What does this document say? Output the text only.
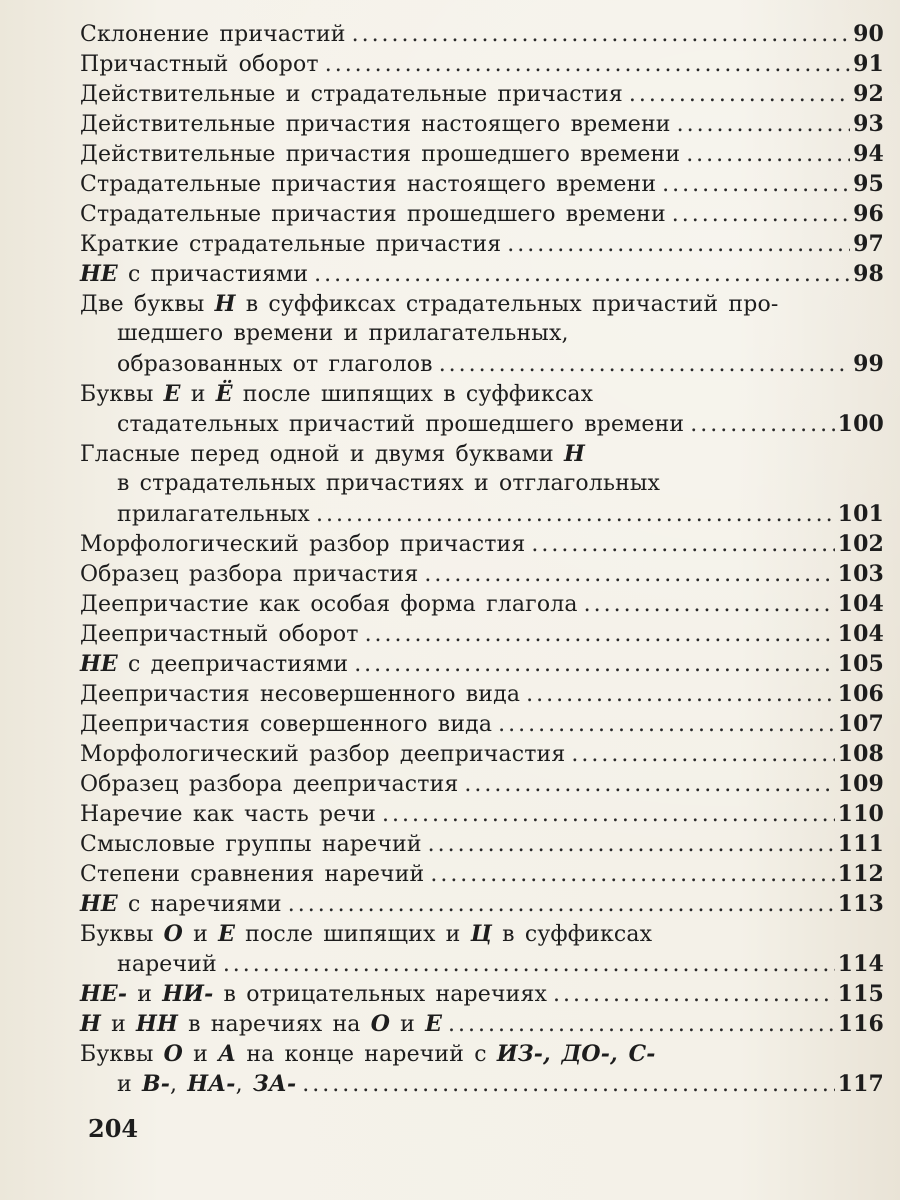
Склонение причастий .....	90
Причастный оборот .....	91
Действительные и страдательные причастия .....	92
Действительные причастия настоящего времени .....	93
Действительные причастия прошедшего времени .....	94
Страдательные причастия настоящего времени .....	95
Страдательные причастия прошедшего времени .....	96
Краткие страдательные причастия .....	97
НЕ с причастиями .....	98
Две буквы Н в суффиксах страдательных причастий про-
шедшего времени и прилагательных,
образованных от глаголов .....	99
Буквы Е и Ё после шипящих в суффиксах
стадательных причастий прошедшего времени .....	100
Гласные перед одной и двумя буквами Н
в страдательных причастиях и отглагольных
прилагательных .....	101
Морфологический разбор причастия .....	102
Образец разбора причастия .....	103
Деепричастие как особая форма глагола .....	104
Деепричастный оборот .....	104
НЕ с деепричастиями .....	105
Деепричастия несовершенного вида .....	106
Деепричастия совершенного вида .....	107
Морфологический разбор деепричастия .....	108
Образец разбора деепричастия .....	109
Наречие как часть речи .....	110
Смысловые группы наречий .....	111
Степени сравнения наречий .....	112
НЕ с наречиями .....	113
Буквы О и Е после шипящих и Ц в суффиксах
наречий .....	114
НЕ- и НИ- в отрицательных наречиях .....	115
Н и НН в наречиях на О и Е .....	116
Буквы О и А на конце наречий с ИЗ-, ДО-, С-
и В-, НА-, ЗА- .....	117
204
